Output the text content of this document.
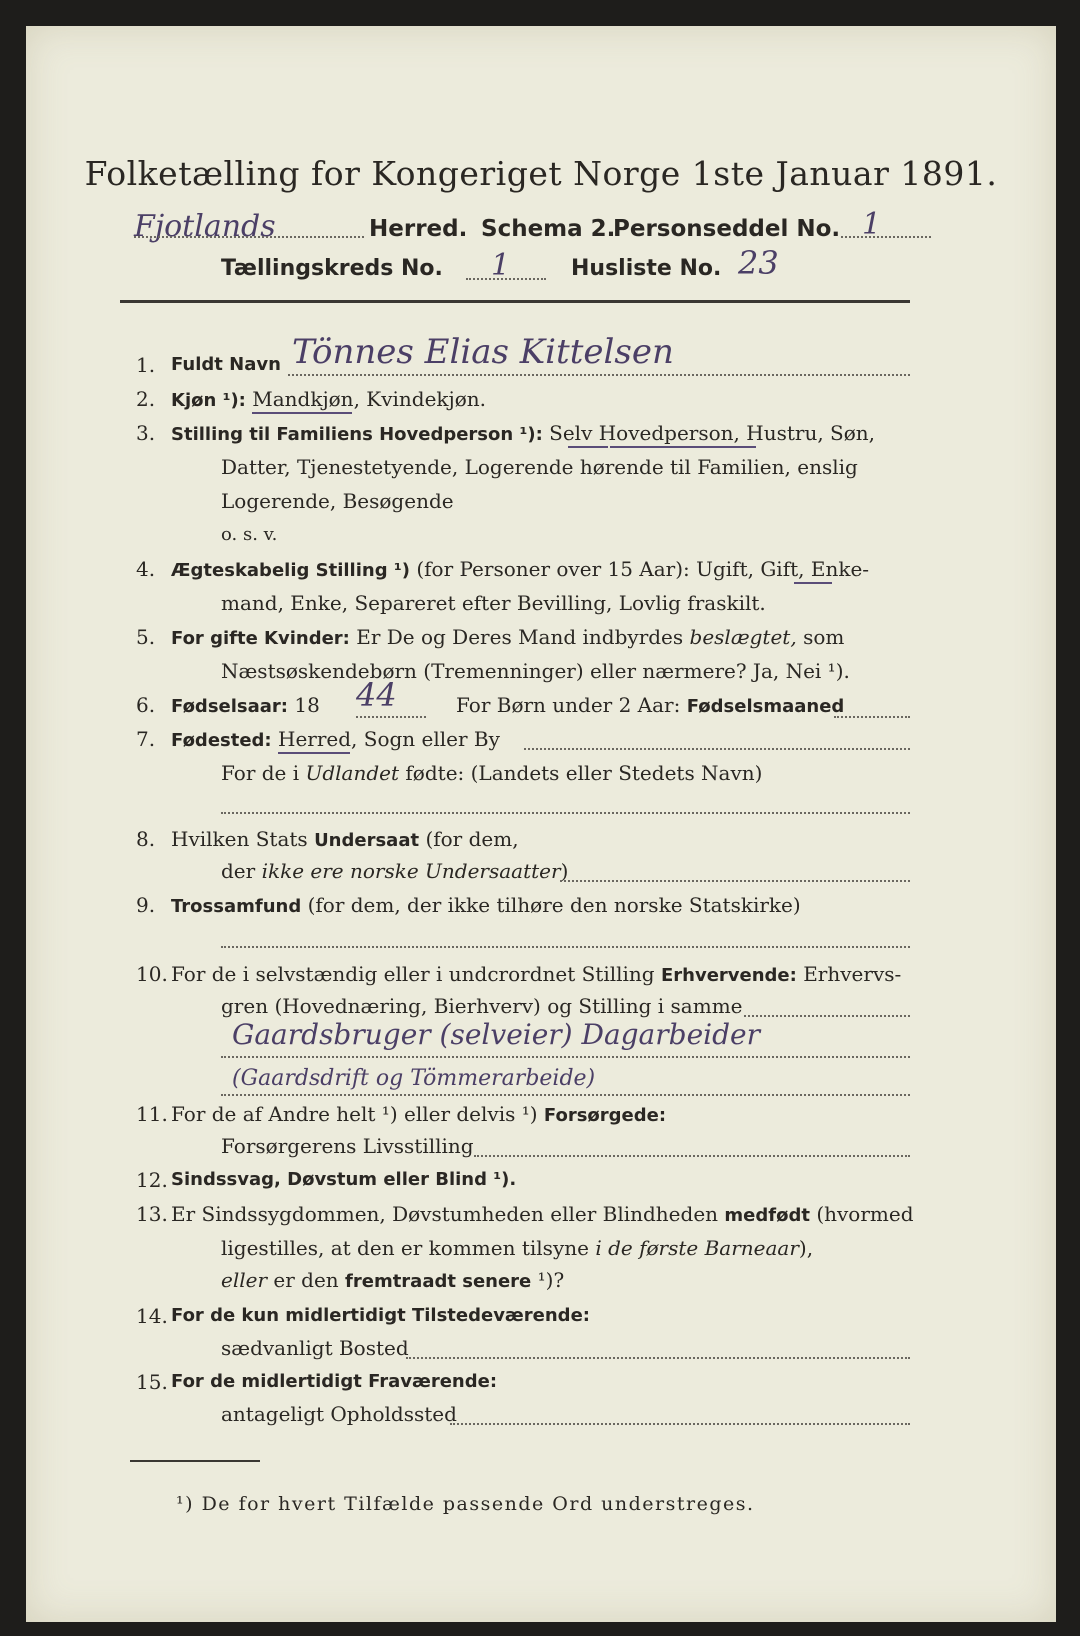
Folketælling for Kongeriget Norge 1ste Januar 1891.
Fjotlands	Herred. Schema 2.
Personseddel No. 1
Tællingskreds No. 1	Husliste No. 23
1. Fuldt Navn Tönnes Elias Kittelsen
2. Kjøn ¹): Mandkjøn, Kvindekjøn.
3. Stilling til Familiens Hovedperson ¹): Selv Hovedperson, Hustru, Søn,
Datter, Tjenestetyende, Logerende hørende til Familien, enslig
Logerende, Besøgende
o. s. v.
4. Ægteskabelig Stilling ¹) (for Personer over 15 Aar): Ugift, Gift, Enke-
mand, Enke, Separeret efter Bevilling, Lovlig fraskilt.
5. For gifte Kvinder: Er De og Deres Mand indbyrdes beslægtet, som
Næstsøskendebørn (Tremenninger) eller nærmere? Ja, Nei ¹).
6. Fødselsaar: 18 44	For Børn under 2 Aar: Fødselsmaaned
7. Fødested: Herred, Sogn eller By
For de i Udlandet fødte: (Landets eller Stedets Navn)
8. Hvilken Stats Undersaat (for dem,
der ikke ere norske Undersaatter)
9. Trossamfund (for dem, der ikke tilhøre den norske Statskirke)
10. For de i selvstændig eller i undcrordnet Stilling Erhvervende: Erhvervs-
gren (Hovednæring, Bierhverv) og Stilling i samme
Gaardsbruger (selveier) Dagarbeider
(Gaardsdrift og Tömmerarbeide)
11. For de af Andre helt ¹) eller delvis ¹) Forsørgede:
Forsørgerens Livsstilling
12. Sindssvag, Døvstum eller Blind ¹).
13. Er Sindssygdommen, Døvstumheden eller Blindheden medfødt (hvormed
ligestilles, at den er kommen tilsyne i de første Barneaar),
eller er den fremtraadt senere ¹)?
14. For de kun midlertidigt Tilstedeværende:
sædvanligt Bosted
15. For de midlertidigt Fraværende:
antageligt Opholdssted
¹) De for hvert Tilfælde passende Ord understreges.
